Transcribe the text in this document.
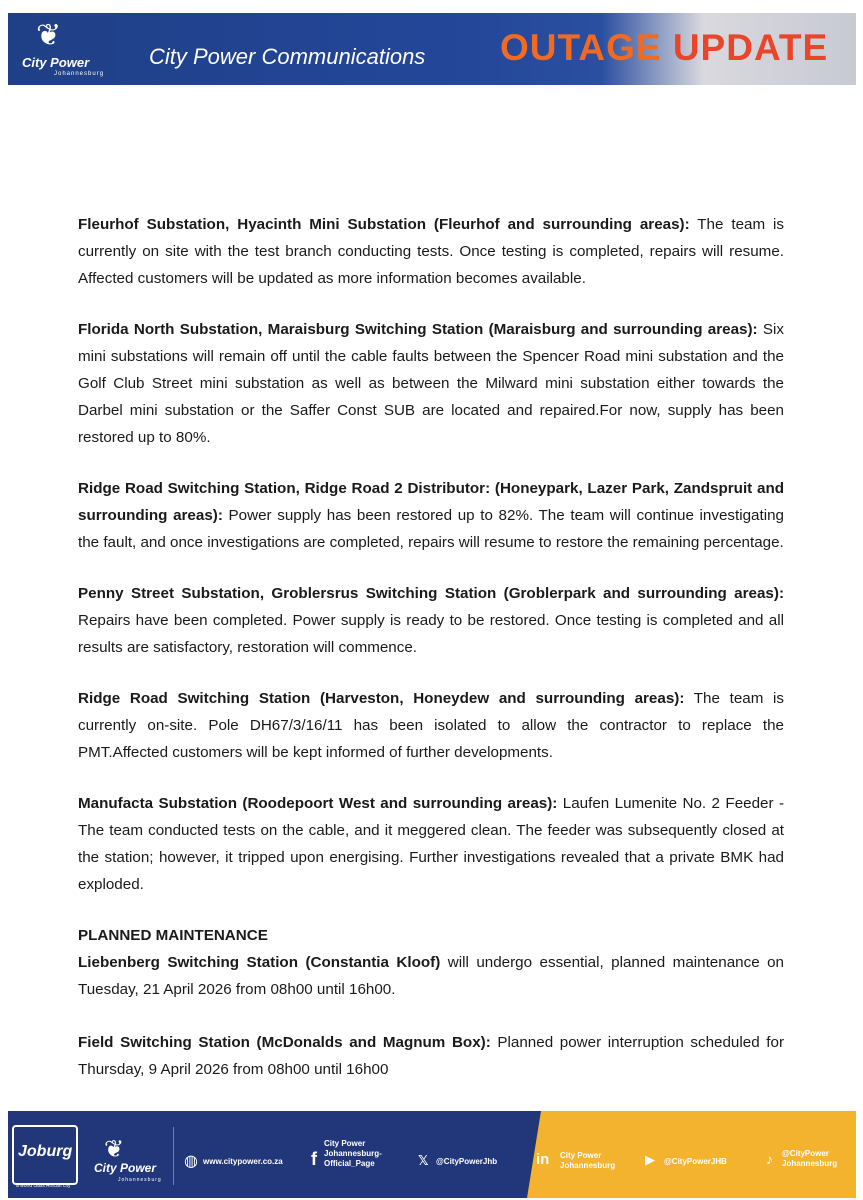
❦
City Power
Johannesburg
City Power Communications OUTAGE UPDATE

Fleurhof Substation, Hyacinth Mini Substation (Fleurhof and surrounding areas): The team is currently on site with the test branch conducting tests. Once testing is completed, repairs will resume. Affected customers will be updated as more information becomes available.

Florida North Substation, Maraisburg Switching Station (Maraisburg and surrounding areas): Six mini substations will remain off until the cable faults between the Spencer Road mini substation and the Golf Club Street mini substation as well as between the Milward mini substation either towards the Darbel mini substation or the Saffer Const SUB are located and repaired.For now, supply has been restored up to 80%.

Ridge Road Switching Station, Ridge Road 2 Distributor: (Honeypark, Lazer Park, Zandspruit and surrounding areas): Power supply has been restored up to 82%. The team will continue investigating the fault, and once investigations are completed, repairs will resume to restore the remaining percentage.

Penny Street Substation, Groblersrus Switching Station (Groblerpark and surrounding areas): Repairs have been completed. Power supply is ready to be restored. Once testing is completed and all results are satisfactory, restoration will commence.

Ridge Road Switching Station (Harveston, Honeydew and surrounding areas): The team is currently on-site. Pole DH67/3/16/11 has been isolated to allow the contractor to replace the PMT.Affected customers will be kept informed of further developments.

Manufacta Substation (Roodepoort West and surrounding areas): Laufen Lumenite No. 2 Feeder - The team conducted tests on the cable, and it meggered clean. The feeder was subsequently closed at the station; however, it tripped upon energising. Further investigations revealed that a private BMK had exploded.

PLANNED MAINTENANCE

Liebenberg Switching Station (Constantia Kloof) will undergo essential, planned maintenance on Tuesday, 21 April 2026 from 08h00 until 16h00.

Field Switching Station (McDonalds and Magnum Box): Planned power interruption scheduled for Thursday, 9 April 2026 from 08h00 until 16h00

Joburg
a world class African city
❦
City Power
Johannesburg
◍ www.citypower.co.za f
City Power
Johannesburg-
Official_Page	𝕏 @CityPowerJhb	in City Power
Johannesburg ▶ @CityPowerJHB	♪ @CityPower
Johannesburg
